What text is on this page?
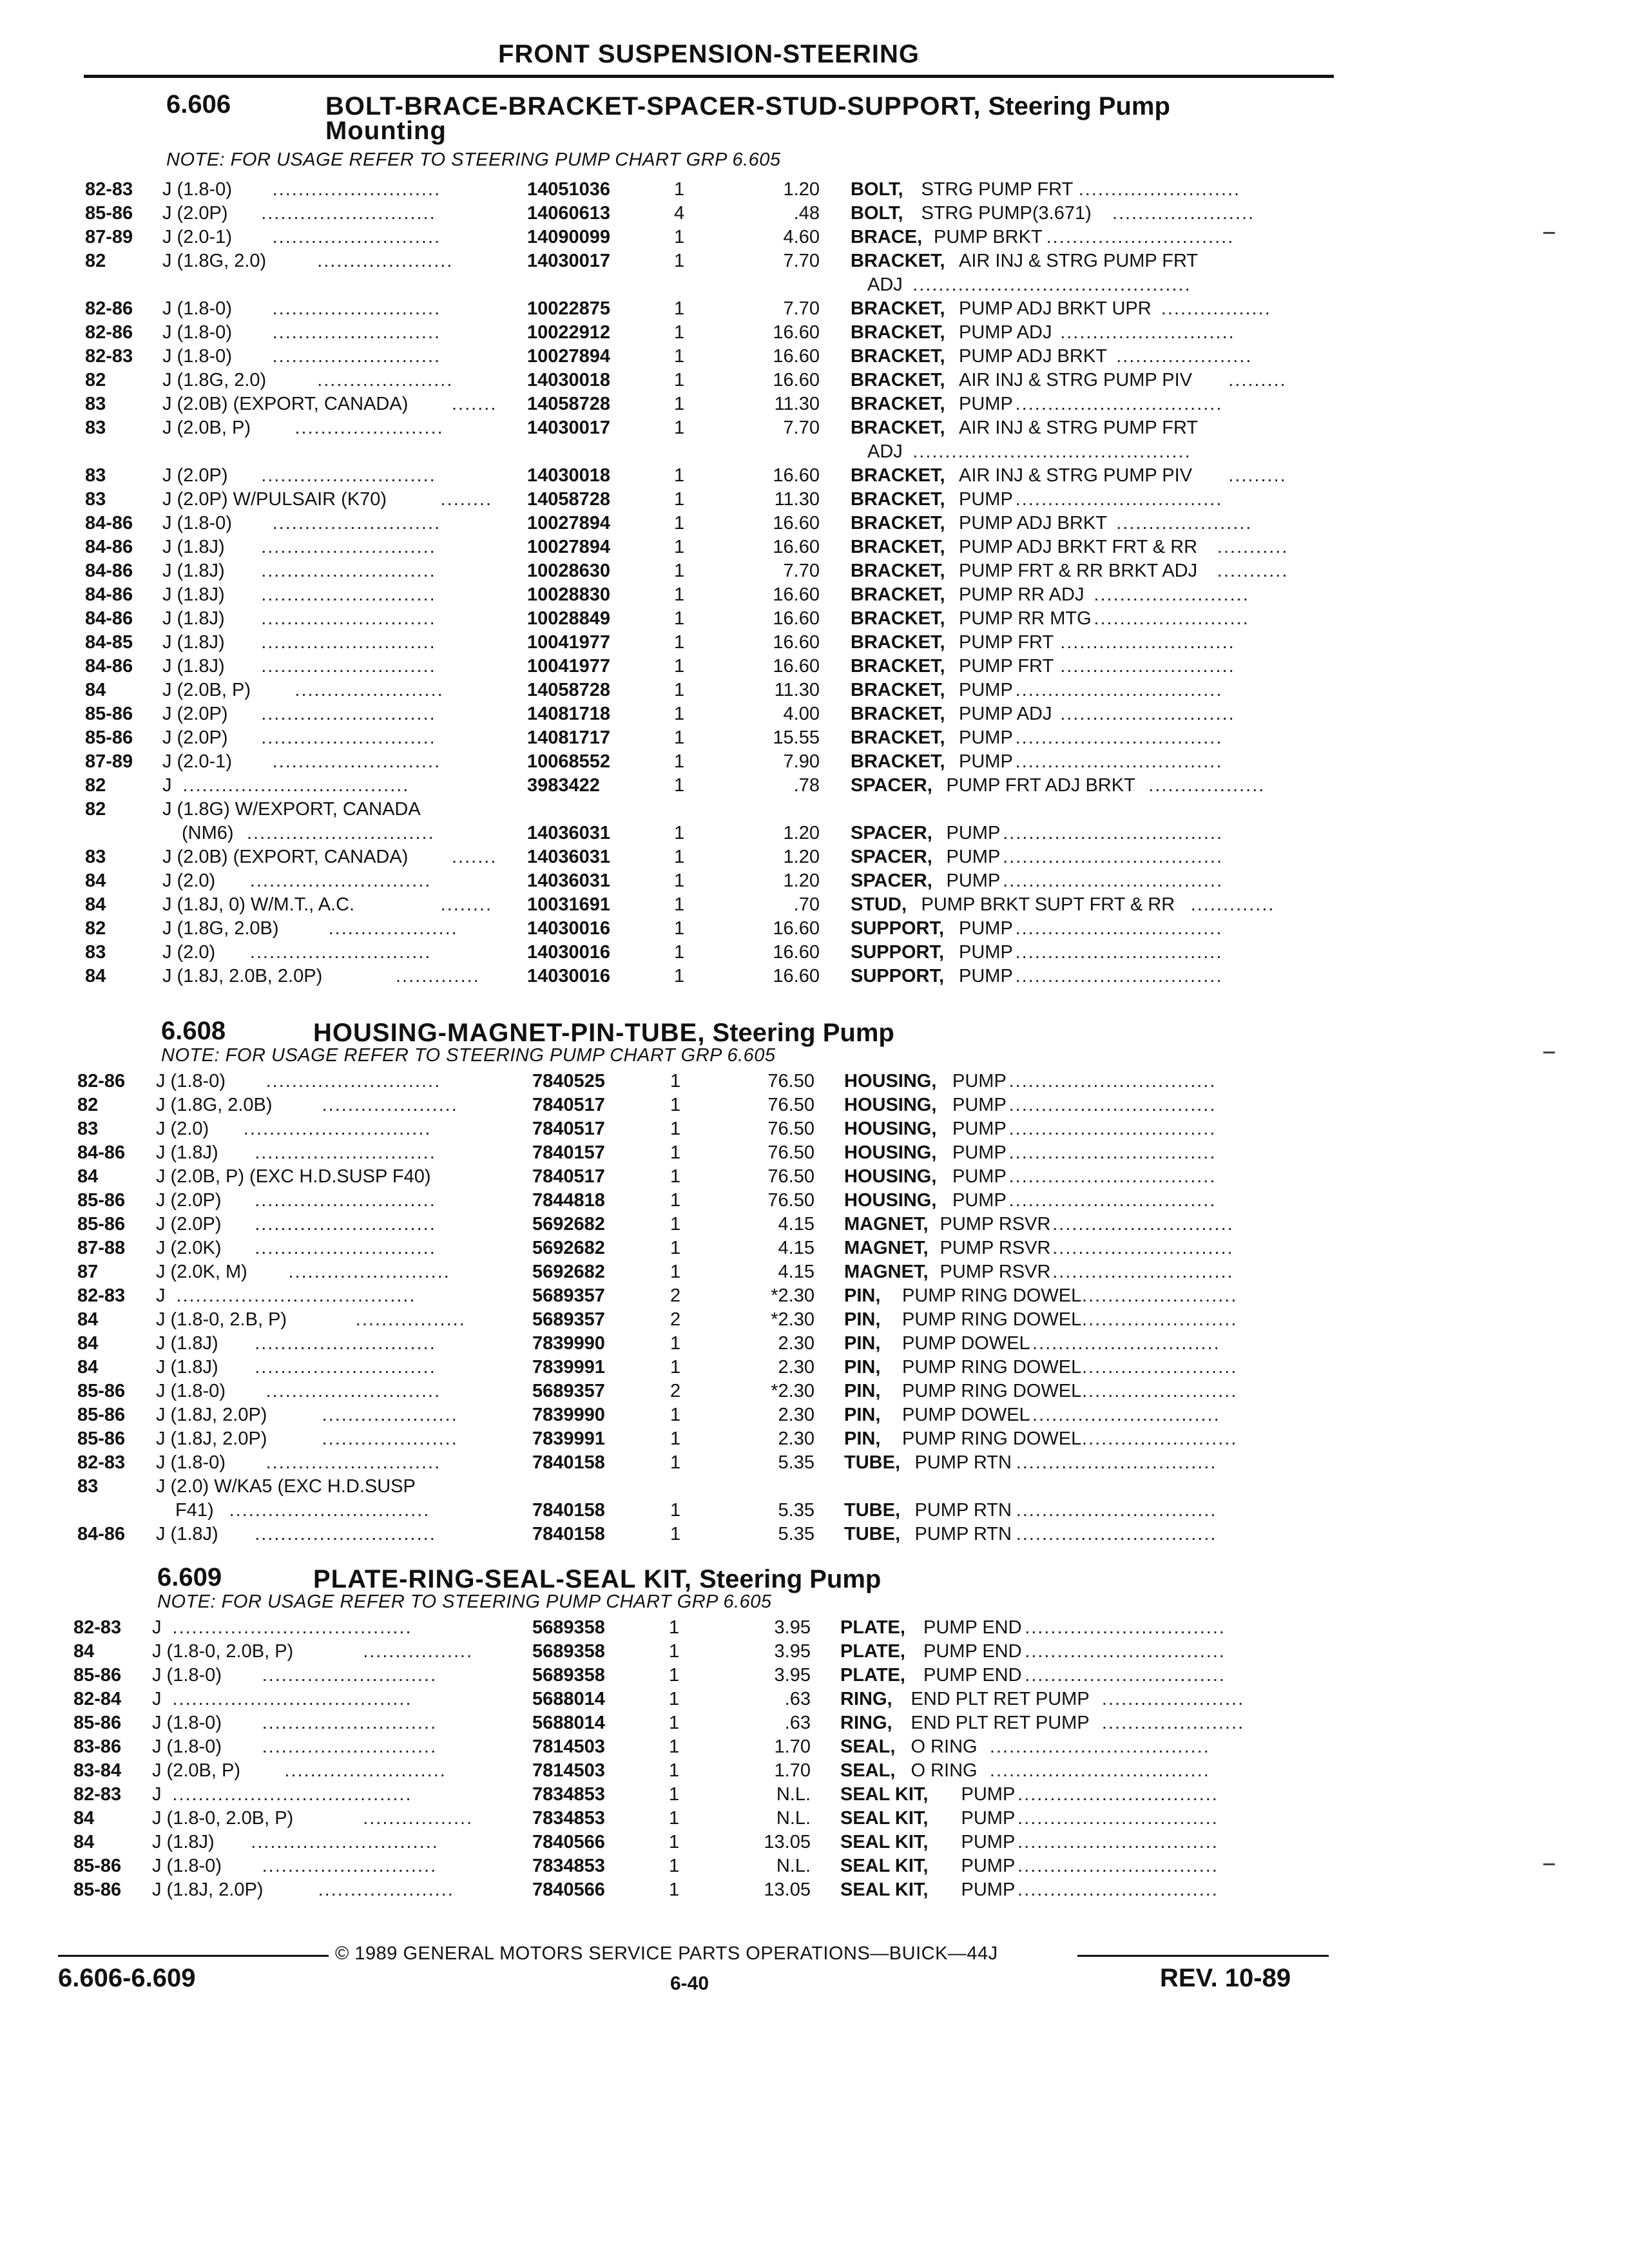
FRONT SUSPENSION-STEERING
6.606	BOLT-BRACE-BRACKET-SPACER-STUD-SUPPORT, Steering Pump
Mounting
NOTE: FOR USAGE REFER TO STEERING PUMP CHART GRP 6.605
6.608	HOUSING-MAGNET-PIN-TUBE, Steering Pump
NOTE: FOR USAGE REFER TO STEERING PUMP CHART GRP 6.605
6.609	PLATE-RING-SEAL-SEAL KIT, Steering Pump
NOTE: FOR USAGE REFER TO STEERING PUMP CHART GRP 6.605
82-83 J (1.8-0) ..........................	14051036	1	1.20 BOLT, STRG PUMP FRT .........................
85-86 J (2.0P) ...........................	14060613	4	.48 BOLT, STRG PUMP(3.671) ......................
87-89 J (2.0-1) ..........................	14090099	1	4.60 BRACE, PUMP BRKT .............................
82	J (1.8G, 2.0)	.....................	14030017	1	7.70 BRACKET, AIR INJ & STRG PUMP FRT
ADJ ...........................................
82-86 J (1.8-0) ..........................	10022875	1	7.70 BRACKET, PUMP ADJ BRKT UPR .................
82-86 J (1.8-0) ..........................	10022912	1	16.60 BRACKET, PUMP ADJ ...........................
82-83 J (1.8-0) ..........................	10027894	1	16.60 BRACKET, PUMP ADJ BRKT .....................
82	J (1.8G, 2.0)	.....................	14030018	1	16.60 BRACKET, AIR INJ & STRG PUMP PIV .........
83	J (2.0B) (EXPORT, CANADA) ....... 14058728	1	11.30 BRACKET, PUMP ................................
83	J (2.0B, P) .......................	14030017	1	7.70 BRACKET, AIR INJ & STRG PUMP FRT
ADJ ...........................................
83	J (2.0P) ...........................	14030018	1	16.60 BRACKET, AIR INJ & STRG PUMP PIV .........
83	J (2.0P) W/PULSAIR (K70)	........ 14058728	1	11.30 BRACKET, PUMP ................................
84-86 J (1.8-0) ..........................	10027894	1	16.60 BRACKET, PUMP ADJ BRKT .....................
84-86 J (1.8J) ...........................	10027894	1	16.60 BRACKET, PUMP ADJ BRKT FRT & RR ...........
84-86 J (1.8J) ...........................	10028630	1	7.70 BRACKET, PUMP FRT & RR BRKT ADJ ...........
84-86 J (1.8J) ...........................	10028830	1	16.60 BRACKET, PUMP RR ADJ ........................
84-86 J (1.8J) ...........................	10028849	1	16.60 BRACKET, PUMP RR MTG ........................
84-85 J (1.8J) ...........................	10041977	1	16.60 BRACKET, PUMP FRT ...........................
84-86 J (1.8J) ...........................	10041977	1	16.60 BRACKET, PUMP FRT ...........................
84	J (2.0B, P) .......................	14058728	1	11.30 BRACKET, PUMP ................................
85-86 J (2.0P) ...........................	14081718	1	4.00 BRACKET, PUMP ADJ ...........................
85-86 J (2.0P) ...........................	14081717	1	15.55 BRACKET, PUMP ................................
87-89 J (2.0-1) ..........................	10068552	1	7.90 BRACKET, PUMP ................................
82	J ...................................	3983422	1	.78 SPACER, PUMP FRT ADJ BRKT ..................
82	J (1.8G) W/EXPORT, CANADA
(NM6) .............................	14036031	1	1.20 SPACER, PUMP ..................................
83	J (2.0B) (EXPORT, CANADA) ....... 14036031	1	1.20 SPACER, PUMP ..................................
84	J (2.0) ............................	14036031	1	1.20 SPACER, PUMP ..................................
84	J (1.8J, 0) W/M.T., A.C.	........ 10031691	1	.70 STUD, PUMP BRKT SUPT FRT & RR .............
82	J (1.8G, 2.0B)	....................	14030016	1	16.60 SUPPORT, PUMP ................................
83	J (2.0) ............................	14030016	1	16.60 SUPPORT, PUMP ................................
84	J (1.8J, 2.0B, 2.0P)	.............	14030016	1	16.60 SUPPORT, PUMP ................................
82-86 J (1.8-0) ...........................	7840525	1	76.50 HOUSING, PUMP ................................
82	J (1.8G, 2.0B)	.....................	7840517	1	76.50 HOUSING, PUMP ................................
83	J (2.0) .............................	7840517	1	76.50 HOUSING, PUMP ................................
84-86 J (1.8J) ............................	7840157	1	76.50 HOUSING, PUMP ................................
84	J (2.0B, P) (EXC H.D.SUSP F40)	7840517	1	76.50 HOUSING, PUMP ................................
85-86 J (2.0P) ............................	7844818	1	76.50 HOUSING, PUMP ................................
85-86 J (2.0P) ............................	5692682	1	4.15 MAGNET, PUMP RSVR ............................
87-88 J (2.0K) ............................	5692682	1	4.15 MAGNET, PUMP RSVR ............................
87	J (2.0K, M) .........................	5692682	1	4.15 MAGNET, PUMP RSVR ............................
82-83 J .....................................	5689357	2	*2.30 PIN, PUMP RING DOWEL ........................
84	J (1.8-0, 2.B, P)	.................	5689357	2	*2.30 PIN, PUMP RING DOWEL ........................
84	J (1.8J) ............................	7839990	1	2.30 PIN, PUMP DOWEL
..............................
84	J (1.8J) ............................	7839991	1	2.30 PIN, PUMP RING DOWEL ........................
85-86 J (1.8-0) ...........................	5689357	2	*2.30 PIN, PUMP RING DOWEL ........................
85-86 J (1.8J, 2.0P)	.....................	7839990	1	2.30 PIN, PUMP DOWEL
..............................
85-86 J (1.8J, 2.0P)	.....................	7839991	1	2.30 PIN, PUMP RING DOWEL ........................
82-83 J (1.8-0) ...........................	7840158	1	5.35 TUBE, PUMP RTN ...............................
83	J (2.0) W/KA5 (EXC H.D.SUSP
F41) ...............................	7840158	1	5.35 TUBE, PUMP RTN ...............................
84-86 J (1.8J) ............................	7840158	1	5.35 TUBE, PUMP RTN ...............................
82-83 J .....................................	5689358	1	3.95 PLATE, PUMP END ...............................
84	J (1.8-0, 2.0B, P)	.................	5689358	1	3.95 PLATE, PUMP END ...............................
85-86 J (1.8-0) ...........................	5689358	1	3.95 PLATE, PUMP END ...............................
82-84 J .....................................	5688014	1	.63 RING, END PLT RET PUMP ......................
85-86 J (1.8-0) ...........................	5688014	1	.63 RING, END PLT RET PUMP ......................
83-86 J (1.8-0) ...........................	7814503	1	1.70 SEAL, O RING ..................................
83-84 J (2.0B, P) .........................	7814503	1	1.70 SEAL, O RING ..................................
82-83 J .....................................	7834853	1	N.L. SEAL KIT, PUMP ...............................
84	J (1.8-0, 2.0B, P)	.................	7834853	1	N.L. SEAL KIT, PUMP ...............................
84	J (1.8J) .............................	7840566	1	13.05 SEAL KIT, PUMP ...............................
85-86 J (1.8-0) ...........................	7834853	1	N.L. SEAL KIT, PUMP ...............................
85-86 J (1.8J, 2.0P)	.....................	7840566	1	13.05 SEAL KIT, PUMP ...............................
© 1989 GENERAL MOTORS SERVICE PARTS OPERATIONS—BUICK—44J
6.606-6.609	6-40	REV. 10-89
